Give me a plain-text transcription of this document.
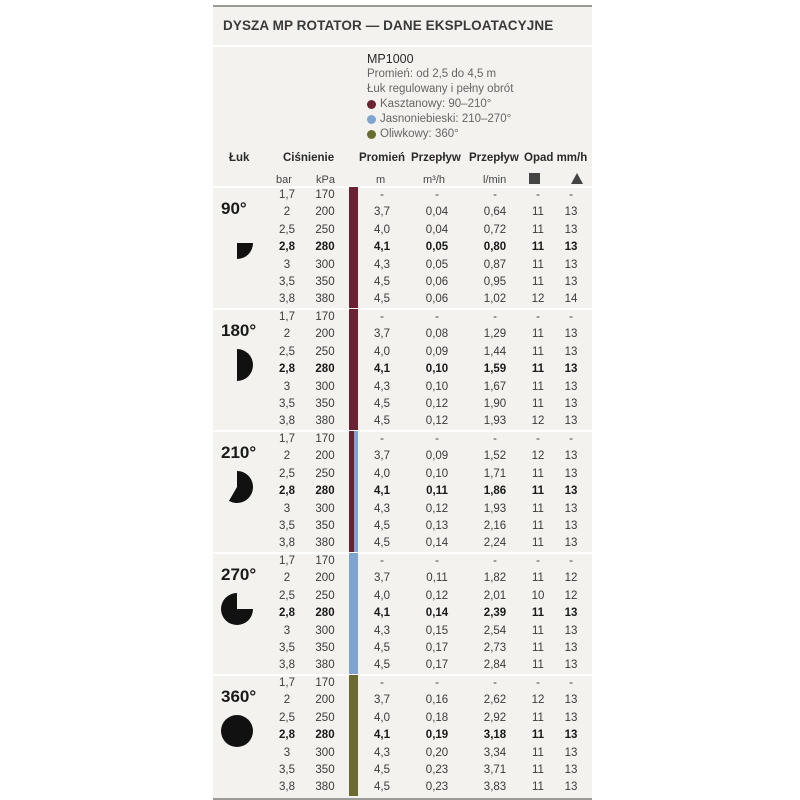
DYSZA MP ROTATOR — DANE EKSPLOATACYJNE
MP1000
Promień: od 2,5 do 4,5 m
Łuk regulowany i pełny obrót
Kasztanowy: 90–210°
Jasnoniebieski: 210–270°
Oliwkowy: 360°
Łuk	Ciśnienie Promień Przepływ Przepływ Opad mm/h
bar kPa	m	m³/h	l/min
90°
1,7	170	-	-	-	-	-
2	200	3,7	0,04	0,64	11	13
2,5	250	4,0	0,04	0,72	11	13
2,8	280	4,1	0,05	0,80	11	13
3	300	4,3	0,05	0,87	11	13
3,5	350	4,5	0,06	0,95	11	13
3,8	380	4,5	0,06	1,02	12	14
180°
1,7	170	-	-	-	-	-
2	200	3,7	0,08	1,29	11	13
2,5	250	4,0	0,09	1,44	11	13
2,8	280	4,1	0,10	1,59	11	13
3	300	4,3	0,10	1,67	11	13
3,5	350	4,5	0,12	1,90	11	13
3,8	380	4,5	0,12	1,93	12	13
210°
1,7	170	-	-	-	-	-
2	200	3,7	0,09	1,52	12	13
2,5	250	4,0	0,10	1,71	11	13
2,8	280	4,1	0,11	1,86	11	13
3	300	4,3	0,12	1,93	11	13
3,5	350	4,5	0,13	2,16	11	13
3,8	380	4,5	0,14	2,24	11	13
270°
1,7	170	-	-	-	-	-
2	200	3,7	0,11	1,82	11	12
2,5	250	4,0	0,12	2,01	10	12
2,8	280	4,1	0,14	2,39	11	13
3	300	4,3	0,15	2,54	11	13
3,5	350	4,5	0,17	2,73	11	13
3,8	380	4,5	0,17	2,84	11	13
360°
1,7	170	-	-	-	-	-
2	200	3,7	0,16	2,62	12	13
2,5	250	4,0	0,18	2,92	11	13
2,8	280	4,1	0,19	3,18	11	13
3	300	4,3	0,20	3,34	11	13
3,5	350	4,5	0,23	3,71	11	13
3,8	380	4,5	0,23	3,83	11	13
